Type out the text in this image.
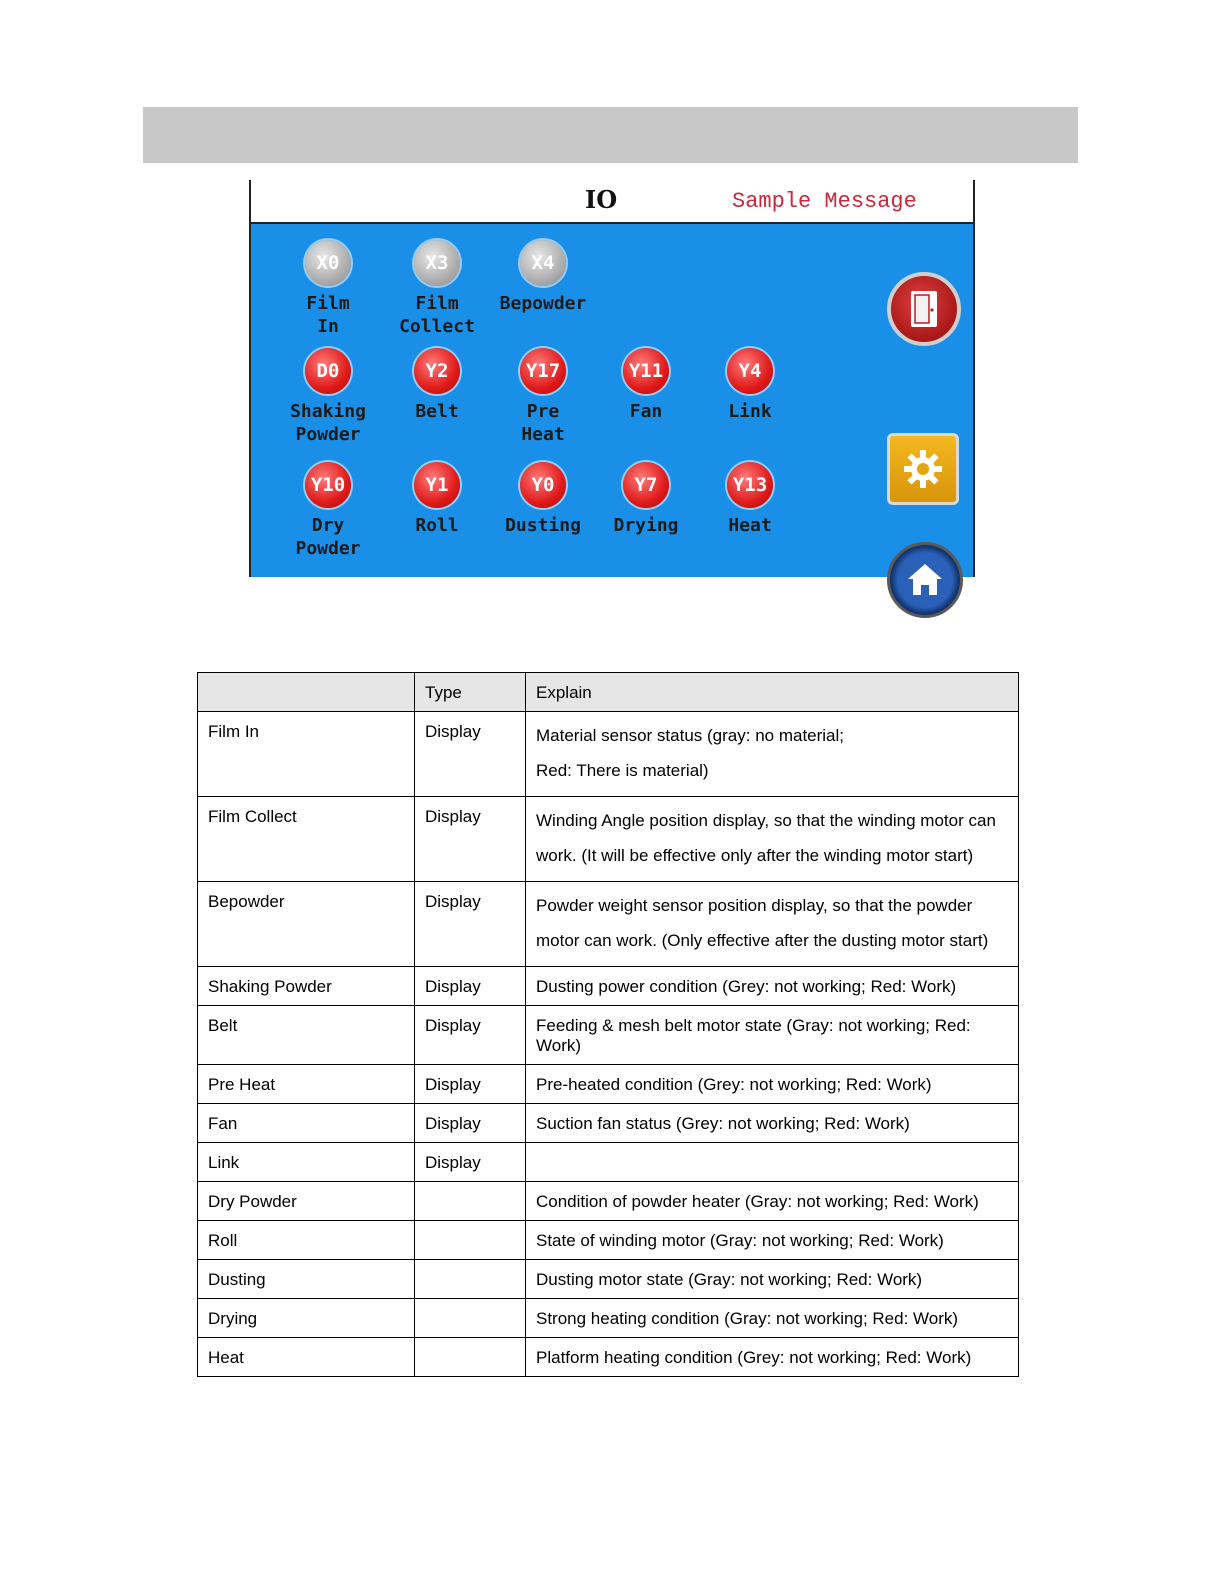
IO	Sample Message
X0
Film
In
X3
Film
Collect
X4
Bepowder
D0
Shaking
Powder
Y2
Belt
Y17
Pre
Heat
Y11
Fan
Y4
Link
Y10
Dry
Powder
Y1
Roll
Y0
Dusting
Y7
Drying
Y13
Heat
	Type	Explain
Film In	Display	Material sensor status (gray: no material;
Red: There is material)
Film Collect	Display	Winding Angle position display, so that the winding motor can work. (It will be effective only after the winding motor start)
Bepowder	Display	Powder weight sensor position display, so that the powder motor can work. (Only effective after the dusting motor start)
Shaking Powder	Display	Dusting power condition (Grey: not working; Red: Work)
Belt	Display	Feeding & mesh belt motor state (Gray: not working; Red: Work)
Pre Heat	Display	Pre-heated condition (Grey: not working; Red: Work)
Fan	Display	Suction fan status (Grey: not working; Red: Work)
Link	Display	
Dry Powder		Condition of powder heater (Gray: not working; Red: Work)
Roll		State of winding motor (Gray: not working; Red: Work)
Dusting		Dusting motor state (Gray: not working; Red: Work)
Drying		Strong heating condition (Gray: not working; Red: Work)
Heat		Platform heating condition (Grey: not working; Red: Work)
